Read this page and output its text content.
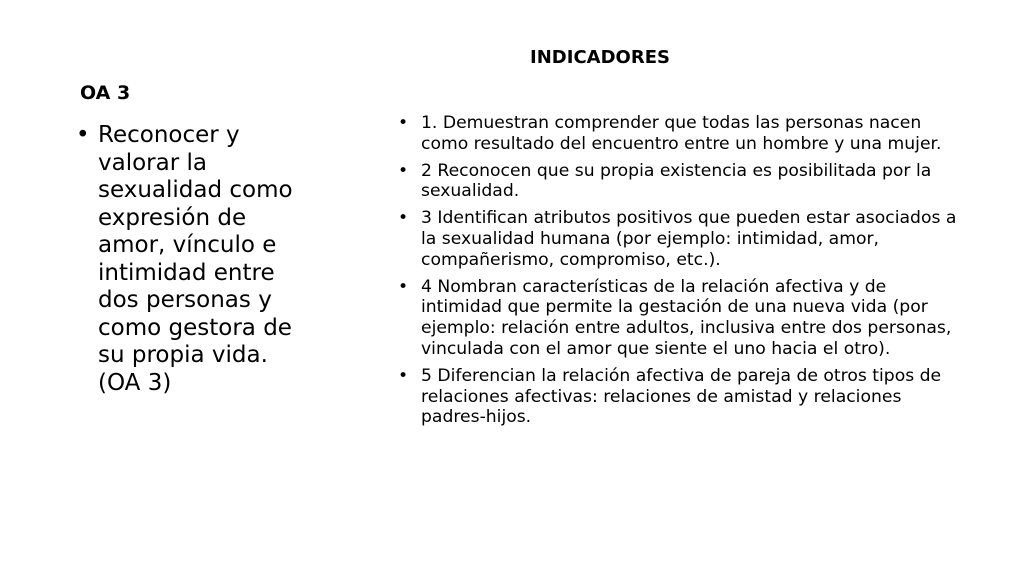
OA 3
• Reconocer y valorar la sexualidad como expresión de amor, vínculo e intimidad entre dos personas y como gestora de su propia vida. (OA 3)
INDICADORES
• 1. Demuestran comprender que todas las personas nacen como resultado del encuentro entre un hombre y una mujer.
• 2 Reconocen que su propia existencia es posibilitada por la sexualidad.
• 3 Identifican atributos positivos que pueden estar asociados a la sexualidad humana (por ejemplo: intimidad, amor, compañerismo, compromiso, etc.).
• 4 Nombran características de la relación afectiva y de intimidad que permite la gestación de una nueva vida (por ejemplo: relación entre adultos, inclusiva entre dos personas, vinculada con el amor que siente el uno hacia el otro).
• 5 Diferencian la relación afectiva de pareja de otros tipos de relaciones afectivas: relaciones de amistad y relaciones padres-hijos.
